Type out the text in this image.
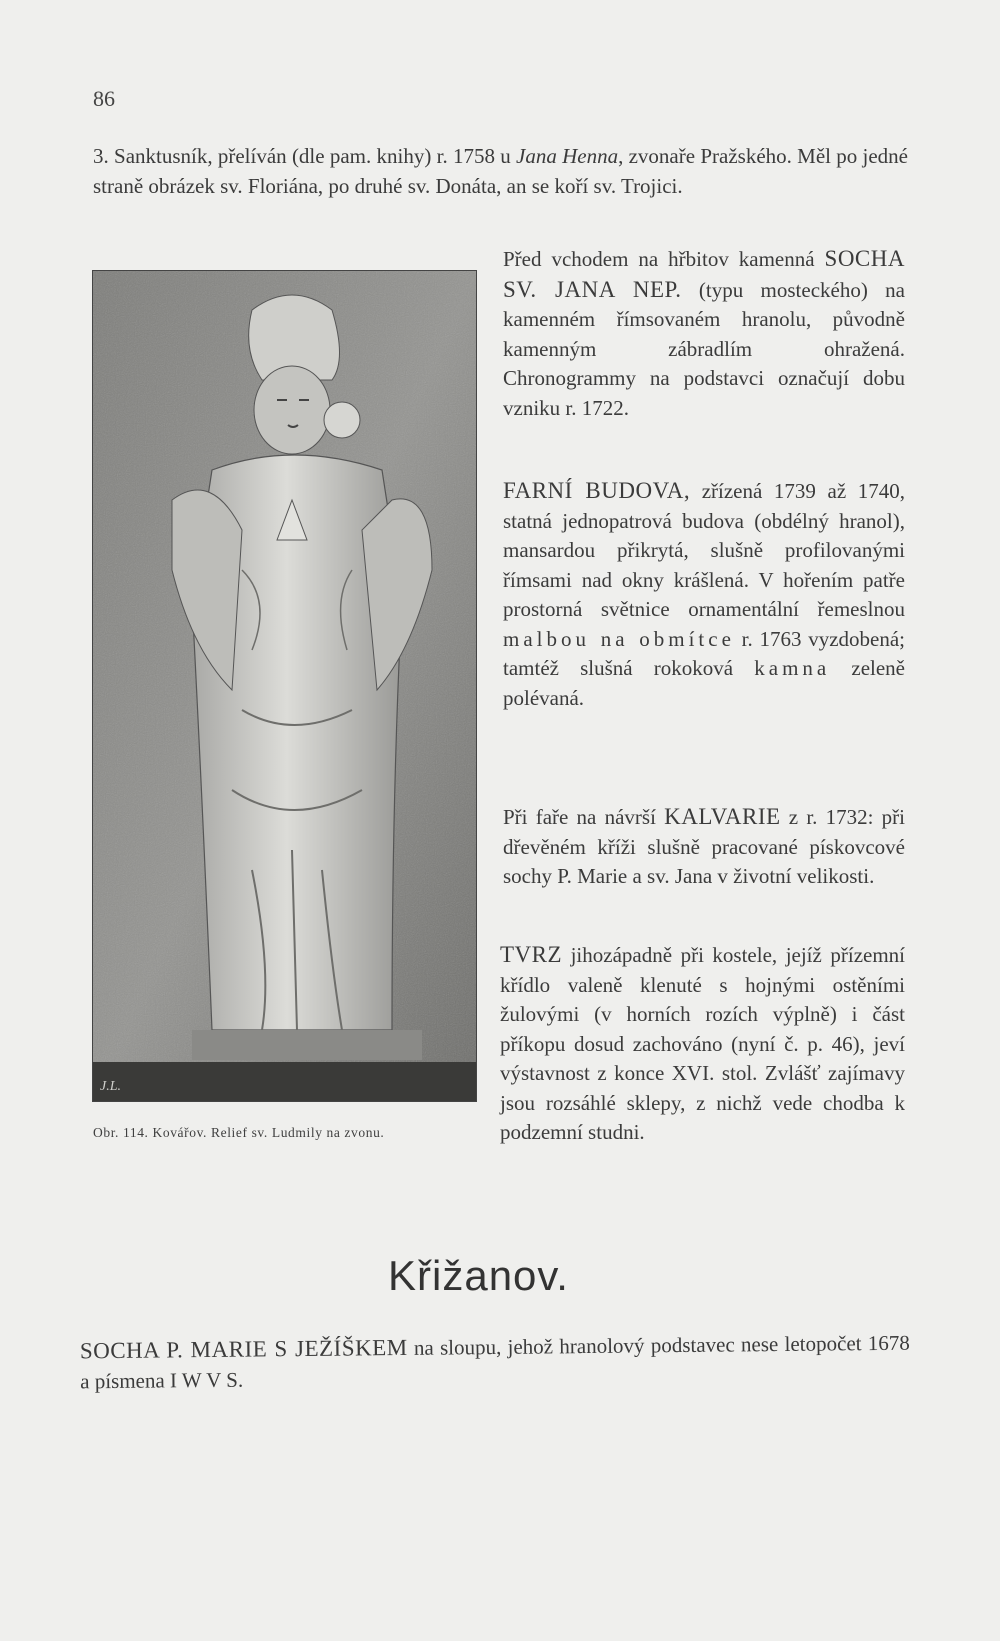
86
3. Sanktusník, přelíván (dle pam. knihy) r. 1758 u Jana Henna, zvonaře Pražského. Měl po jedné straně obrázek sv. Floriána, po druhé sv. Donáta, an se koří sv. Trojici.
J.L.
Obr. 114. Kovářov. Relief sv. Ludmily na zvonu.
Před vchodem na hřbitov kamenná SOCHA SV. JANA NEP. (typu mosteckého) na kamenném římsovaném hranolu, původně kamenným zábradlím ohražená. Chronogrammy na podstavci označují dobu vzniku r. 1722.
FARNÍ BUDOVA, zřízená 1739 až 1740, statná jednopatrová budova (obdélný hranol), mansardou přikrytá, slušně profilovanými římsami nad okny krášlená. V hořením patře prostorná světnice ornamentální řemeslnou malbou na obmítce r. 1763 vyzdobená; tamtéž slušná rokoková kamna zeleně polévaná.
Při faře na návrší KALVARIE z r. 1732: při dřevěném kříži slušně pracované pískovcové sochy P. Marie a sv. Jana v životní velikosti.
TVRZ jihozápadně při kostele, jejíž přízemní křídlo valeně klenuté s hojnými ostěními žulovými (v horních rozích výplně) i část příkopu dosud zachováno (nyní č. p. 46), jeví výstavnost z konce XVI. stol. Zvlášť zajímavy jsou rozsáhlé sklepy, z nichž vede chodba k podzemní studni.
Křižanov.
SOCHA P. MARIE S JEŽÍŠKEM na sloupu, jehož hranolový podstavec nese letopočet 1678 a písmena I W V S.
